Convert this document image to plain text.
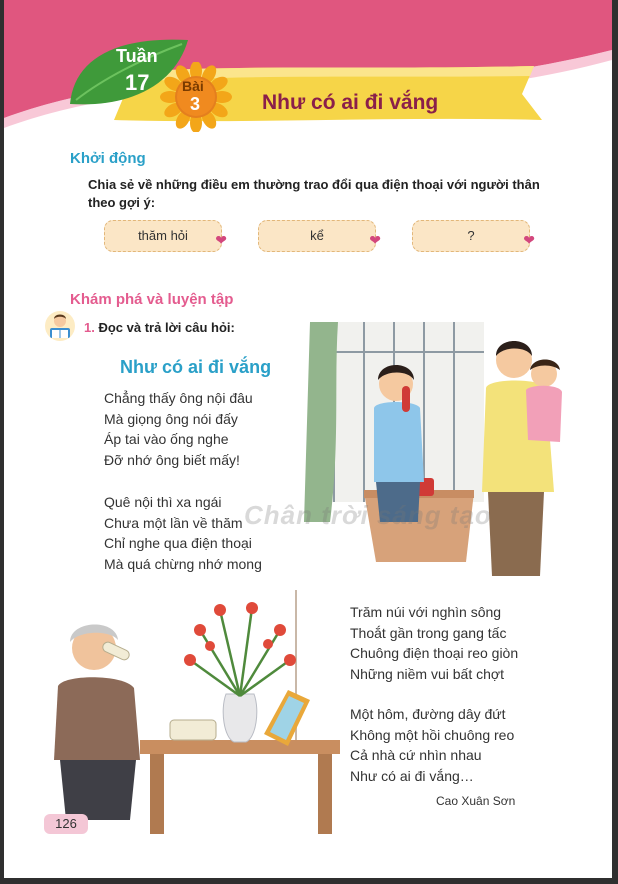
Tuần
17 Bài
3	Như có ai đi vắng
Khởi động
Chia sẻ về những điều em thường trao đổi qua điện thoại với người thân theo gợi ý:
thăm hỏi ❤	kể	❤	?	❤
Khám phá và luyện tập
1. Đọc và trả lời câu hỏi:
Như có ai đi vắng
Chân trời sáng tạo
Chẳng thấy ông nội đâu
Mà giọng ông nói đấy
Áp tai vào ống nghe
Đỡ nhớ ông biết mấy!
Quê nội thì xa ngái
Chưa một lần về thăm
Chỉ nghe qua điện thoại
Mà quá chừng nhớ mong
Trăm núi với nghìn sông
Thoắt gần trong gang tấc
Chuông điện thoại reo giòn
Những niềm vui bất chợt
Một hôm, đường dây đứt
Không một hồi chuông reo
Cả nhà cứ nhìn nhau
Như có ai đi vắng…
Cao Xuân Sơn
126
